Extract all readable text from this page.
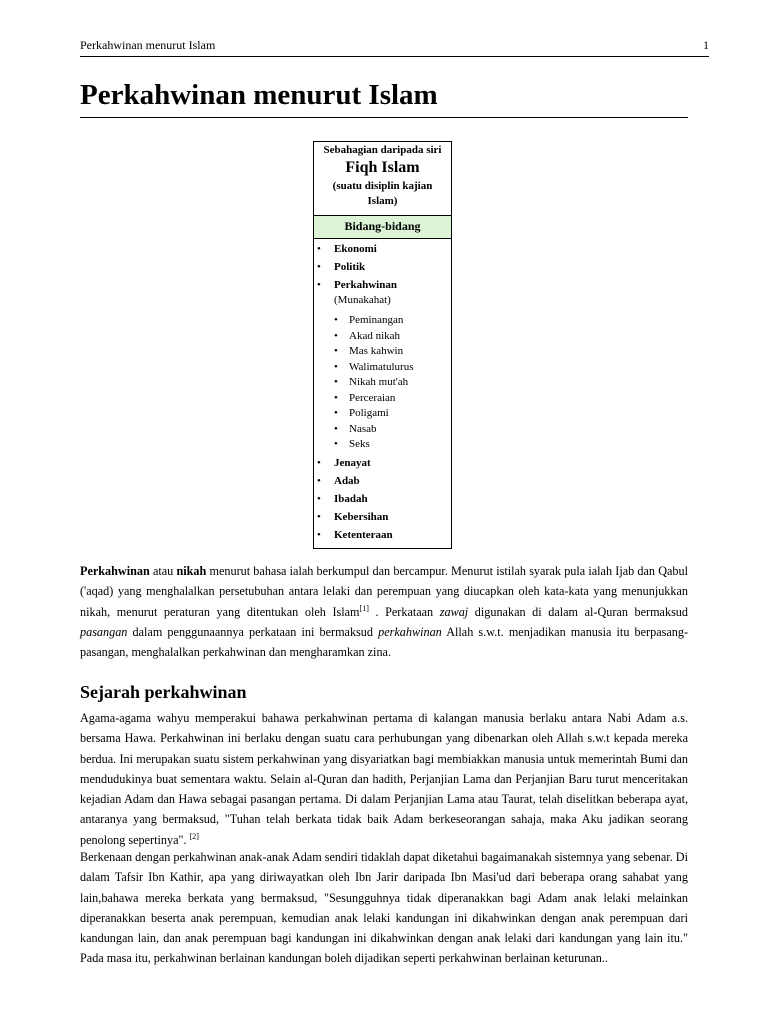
Perkahwinan menurut Islam	1
Perkahwinan menurut Islam
Sebahagian daripada siri
Fiqh Islam
(suatu disiplin kajian Islam)
Bidang-bidang
• Ekonomi
• Politik
• Perkahwinan
(Munakahat)
• Peminangan
• Akad nikah
• Mas kahwin
• Walimatulurus
• Nikah mut'ah
• Perceraian
• Poligami
• Nasab
• Seks
• Jenayat
• Adab
• Ibadah
• Kebersihan
• Ketenteraan

Perkahwinan atau nikah menurut bahasa ialah berkumpul dan bercampur. Menurut istilah syarak pula ialah Ijab dan Qabul ('aqad) yang menghalalkan persetubuhan antara lelaki dan perempuan yang diucapkan oleh kata-kata yang menunjukkan nikah, menurut peraturan yang ditentukan oleh Islam[1] . Perkataan zawaj digunakan di dalam al-Quran bermaksud pasangan dalam penggunaannya perkataan ini bermaksud perkahwinan Allah s.w.t. menjadikan manusia itu berpasang-pasangan, menghalalkan perkahwinan dan mengharamkan zina.

Sejarah perkahwinan

Agama-agama wahyu memperakui bahawa perkahwinan pertama di kalangan manusia berlaku antara Nabi Adam a.s. bersama Hawa. Perkahwinan ini berlaku dengan suatu cara perhubungan yang dibenarkan oleh Allah s.w.t kepada mereka berdua. Ini merupakan suatu sistem perkahwinan yang disyariatkan bagi membiakkan manusia untuk memerintah Bumi dan mendudukinya buat sementara waktu. Selain al-Quran dan hadith, Perjanjian Lama dan Perjanjian Baru turut menceritakan kejadian Adam dan Hawa sebagai pasangan pertama. Di dalam Perjanjian Lama atau Taurat, telah diselitkan beberapa ayat, antaranya yang bermaksud, "Tuhan telah berkata tidak baik Adam berkeseorangan sahaja, maka Aku jadikan seorang penolong sepertinya". [2]

Berkenaan dengan perkahwinan anak-anak Adam sendiri tidaklah dapat diketahui bagaimanakah sistemnya yang sebenar. Di dalam Tafsir Ibn Kathir, apa yang diriwayatkan oleh Ibn Jarir daripada Ibn Masi'ud dari beberapa orang sahabat yang lain,bahawa mereka berkata yang bermaksud, "Sesungguhnya tidak diperanakkan bagi Adam anak lelaki melainkan diperanakkan beserta anak perempuan, kemudian anak lelaki kandungan ini dikahwinkan dengan anak perempuan dari kandungan lain, dan anak perempuan bagi kandungan ini dikahwinkan dengan anak lelaki dari kandungan yang lain itu." Pada masa itu, perkahwinan berlainan kandungan boleh dijadikan seperti perkahwinan berlainan keturunan..
